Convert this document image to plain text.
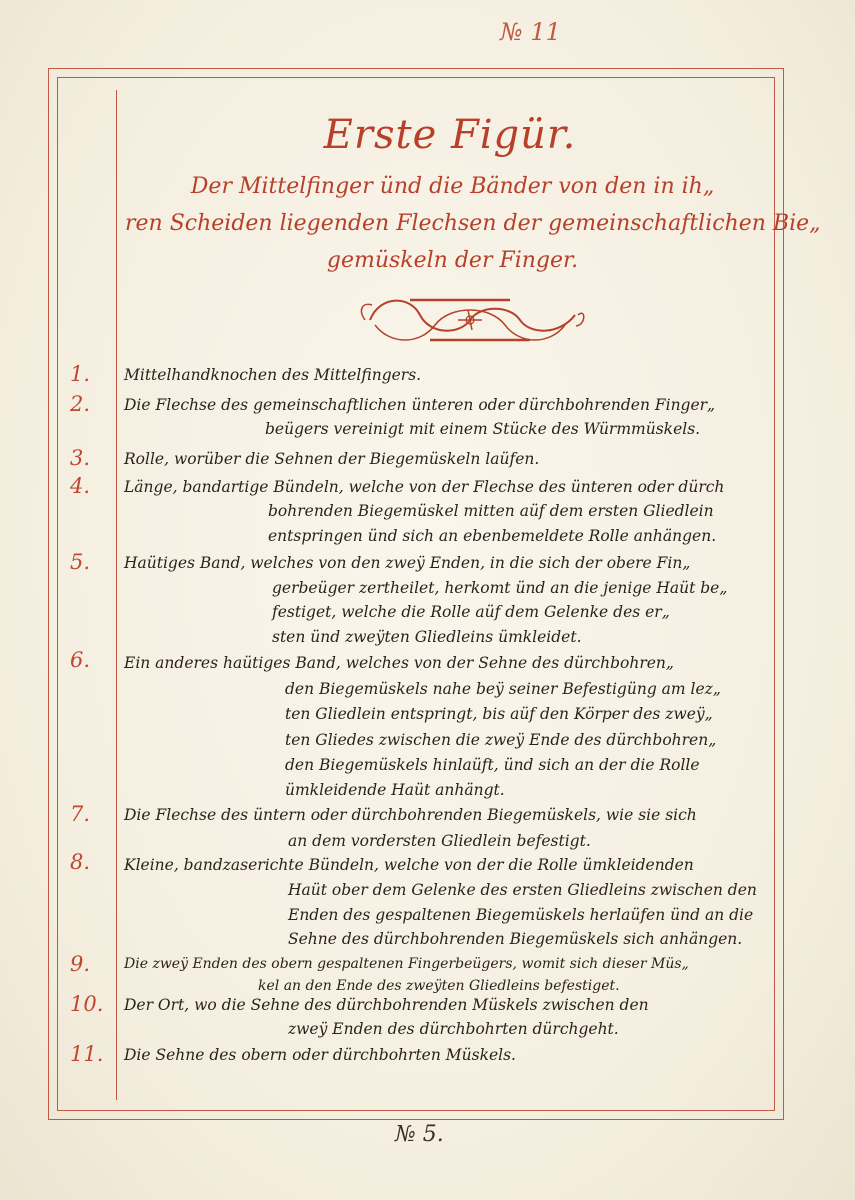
№ 11
Erste Figür.
Der Mittelfinger ünd die Bänder von den in ih„
ren Scheiden liegenden Flechsen der gemeinschaftlichen Bie„
gemüskeln der Finger.
1.	Mittelhandknochen des Mittelfingers.
2.	Die Flechse des gemeinschaftlichen ünteren oder dürchbohrenden Finger„
beügers vereinigt mit einem Stücke des Würmmüskels.
3.	Rolle, worüber die Sehnen der Biegemüskeln laüfen.
4.	Länge, bandartige Bündeln, welche von der Flechse des ünteren oder dürch
bohrenden Biegemüskel mitten aüf dem ersten Gliedlein
entspringen ünd sich an ebenbemeldete Rolle anhängen.
5.	Haütiges Band, welches von den zweÿ Enden, in die sich der obere Fin„
gerbeüger zertheilet, herkomt ünd an die jenige Haüt be„
festiget, welche die Rolle aüf dem Gelenke des er„
sten ünd zweÿten Gliedleins ümkleidet.
6.	Ein anderes haütiges Band, welches von der Sehne des dürchbohren„
den Biegemüskels nahe beÿ seiner Befestigüng am lez„
ten Gliedlein entspringt, bis aüf den Körper des zweÿ„
ten Gliedes zwischen die zweÿ Ende des dürchbohren„
den Biegemüskels hinlaüft, ünd sich an der die Rolle
ümkleidende Haüt anhängt.
7.	Die Flechse des üntern oder dürchbohrenden Biegemüskels, wie sie sich
an dem vordersten Gliedlein befestigt.
8.	Kleine, bandzaserichte Bündeln, welche von der die Rolle ümkleidenden
Haüt ober dem Gelenke des ersten Gliedleins zwischen den
Enden des gespaltenen Biegemüskels herlaüfen ünd an die
Sehne des dürchbohrenden Biegemüskels sich anhängen.
9.	Die zweÿ Enden des obern gespaltenen Fingerbeügers, womit sich dieser Müs„
kel an den Ende des zweÿten Gliedleins befestiget.
10.	Der Ort, wo die Sehne des dürchbohrenden Müskels zwischen den
zweÿ Enden des dürchbohrten dürchgeht.
11.	Die Sehne des obern oder dürchbohrten Müskels.
№ 5.
